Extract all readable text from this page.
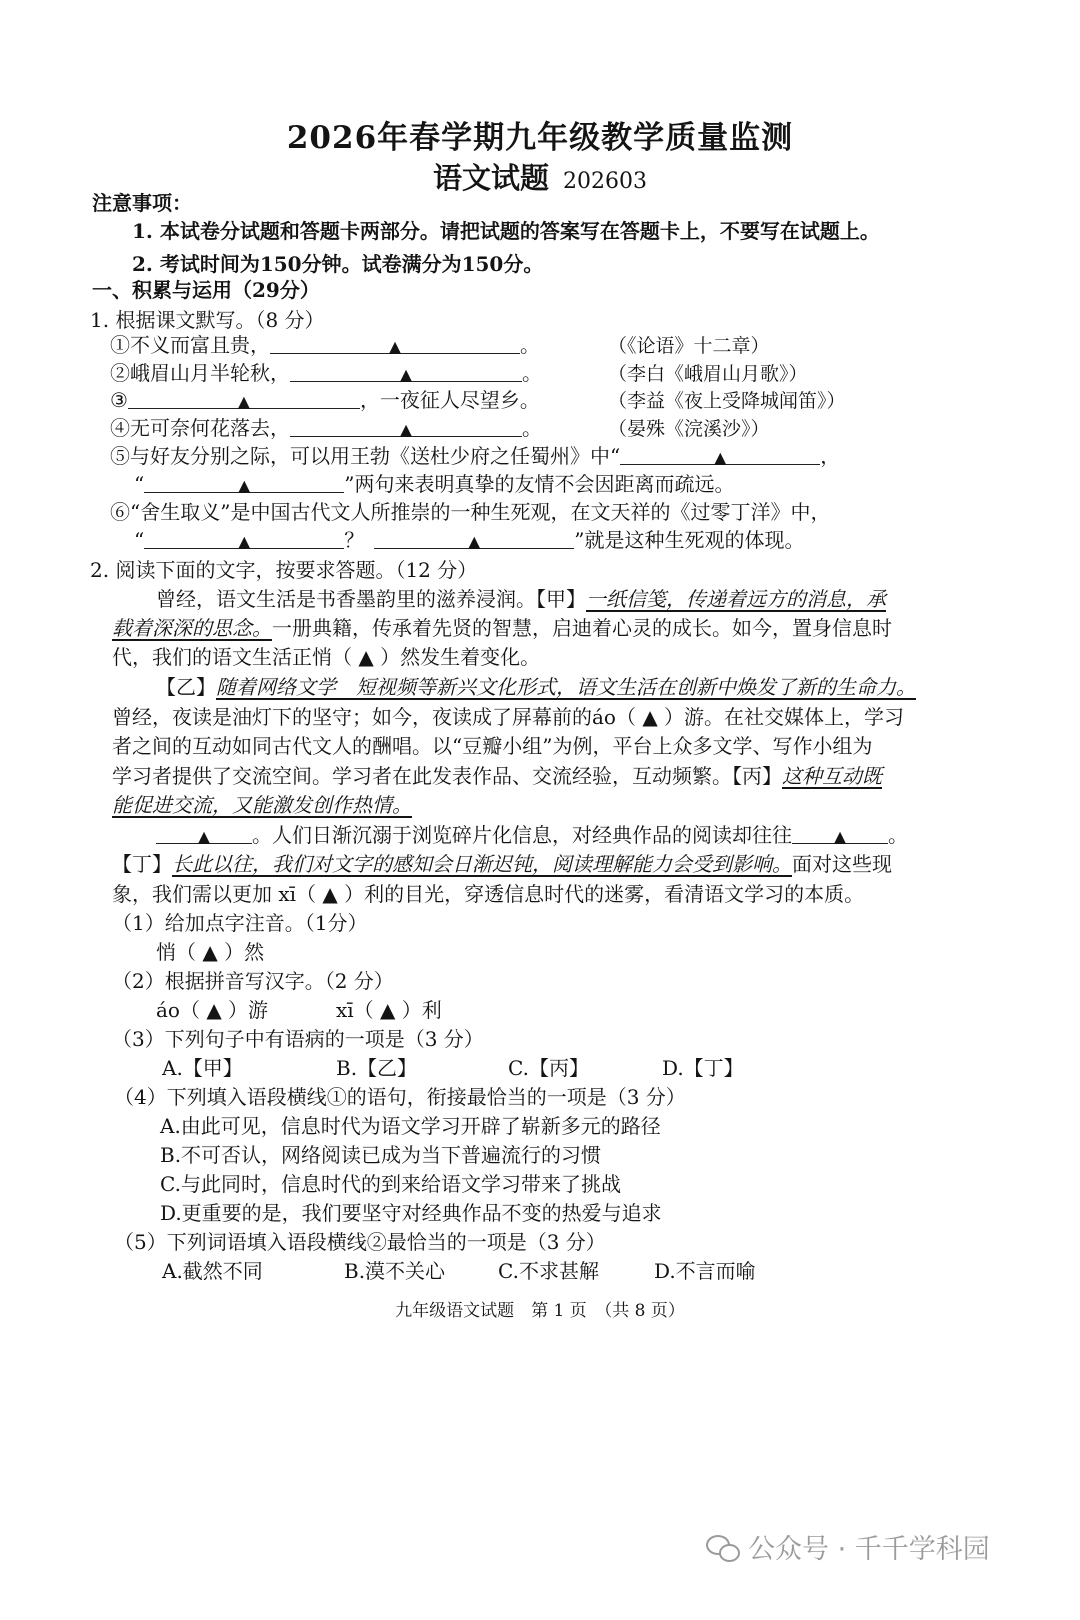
2026年春学期九年级教学质量监测
语文试题 202603
注意事项：
1. 本试卷分试题和答题卡两部分。请把试题的答案写在答题卡上，不要写在试题上。
2. 考试时间为150分钟。试卷满分为150分。
一、积累与运用（29分）
1. 根据课文默写。（8 分）
①不义而富且贵，	▲	。	（《论语》十二章）
②峨眉山月半轮秋，	▲	。	（李白《峨眉山月歌》）
③	▲	，一夜征人尽望乡。	（李益《夜上受降城闻笛》）
④无可奈何花落去，	▲	。	（晏殊《浣溪沙》）
⑤与好友分别之际，可以用王勃《送杜少府之任蜀州》中“	▲	，
“	▲	”两句来表明真挚的友情不会因距离而疏远。
⑥“舍生取义”是中国古代文人所推崇的一种生死观，在文天祥的《过零丁洋》中，
“	▲	？	▲	”就是这种生死观的体现。
2. 阅读下面的文字，按要求答题。（12 分）
曾经，语文生活是书香墨韵里的滋养浸润。【甲】一纸信笺，传递着远方的消息，承
载着深深的思念。一册典籍，传承着先贤的智慧，启迪着心灵的成长。如今，置身信息时
代，我们的语文生活正悄（ ▲ ）然发生着变化。
【乙】随着网络文学　短视频等新兴文化形式，语文生活在创新中焕发了新的生命力。
曾经，夜读是油灯下的坚守；如今，夜读成了屏幕前的áo（ ▲ ）游。在社交媒体上，学习
者之间的互动如同古代文人的酬唱。以“豆瓣小组”为例，平台上众多文学、写作小组为
学习者提供了交流空间。学习者在此发表作品、交流经验，互动频繁。【丙】这种互动既
能促进交流，又能激发创作热情。
▲ 。人们日渐沉溺于浏览碎片化信息，对经典作品的阅读却往往	▲ 。
【丁】长此以往，我们对文字的感知会日渐迟钝，阅读理解能力会受到影响。面对这些现
象，我们需以更加 xī（ ▲ ）利的目光，穿透信息时代的迷雾，看清语文学习的本质。
（1）给加点字注音。（1分）
悄（ ▲ ）然
（2）根据拼音写汉字。（2 分）
áo（ ▲ ）游	xī（ ▲ ）利
（3）下列句子中有语病的一项是（3 分）
A.【甲】	B.【乙】	C.【丙】	D.【丁】
（4）下列填入语段横线①的语句，衔接最恰当的一项是（3 分）
A.由此可见，信息时代为语文学习开辟了崭新多元的路径
B.不可否认，网络阅读已成为当下普遍流行的习惯
C.与此同时，信息时代的到来给语文学习带来了挑战
D.更重要的是，我们要坚守对经典作品不变的热爱与追求
（5）下列词语填入语段横线②最恰当的一项是（3 分）
A.截然不同	B.漠不关心	C.不求甚解	D.不言而喻
九年级语文试题　第 1 页　（共 8 页）
公众号 · 千千学科园
